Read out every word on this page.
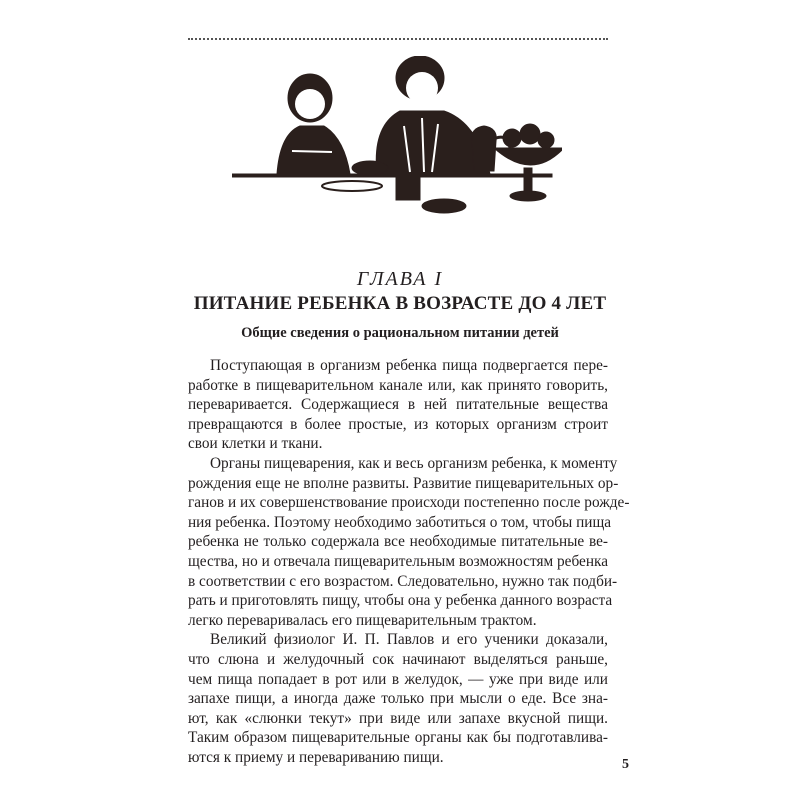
ГЛАВА I
ПИТАНИЕ РЕБЕНКА В ВОЗРАСТЕ ДО 4 ЛЕТ
Общие сведения о рациональном питании детей
Поступающая в организм ребенка пища подвергается пере-
работке в пищеварительном канале или, как принято говорить,
переваривается. Содержащиеся в ней питательные вещества
превращаются в более простые, из которых организм строит
свои клетки и ткани.
Органы пищеварения, как и весь организм ребенка, к моменту
рождения еще не вполне развиты. Развитие пищеварительных ор-
ганов и их совершенствование происходи постепенно после рожде-
ния ребенка. Поэтому необходимо заботиться о том, чтобы пища
ребенка не только содержала все необходимые питательные ве-
щества, но и отвечала пищеварительным возможностям ребенка
в соответствии с его возрастом. Следовательно, нужно так подби-
рать и приготовлять пищу, чтобы она у ребенка данного возраста
легко переваривалась его пищеварительным трактом.
Великий физиолог И. П. Павлов и его ученики доказали,
что слюна и желудочный сок начинают выделяться раньше,
чем пища попадает в рот или в желудок, — уже при виде или
запахе пищи, а иногда даже только при мысли о еде. Все зна-
ют, как «слюнки текут» при виде или запахе вкусной пищи.
Таким образом пищеварительные органы как бы подготавлива-
ются к приему и перевариванию пищи.	5
